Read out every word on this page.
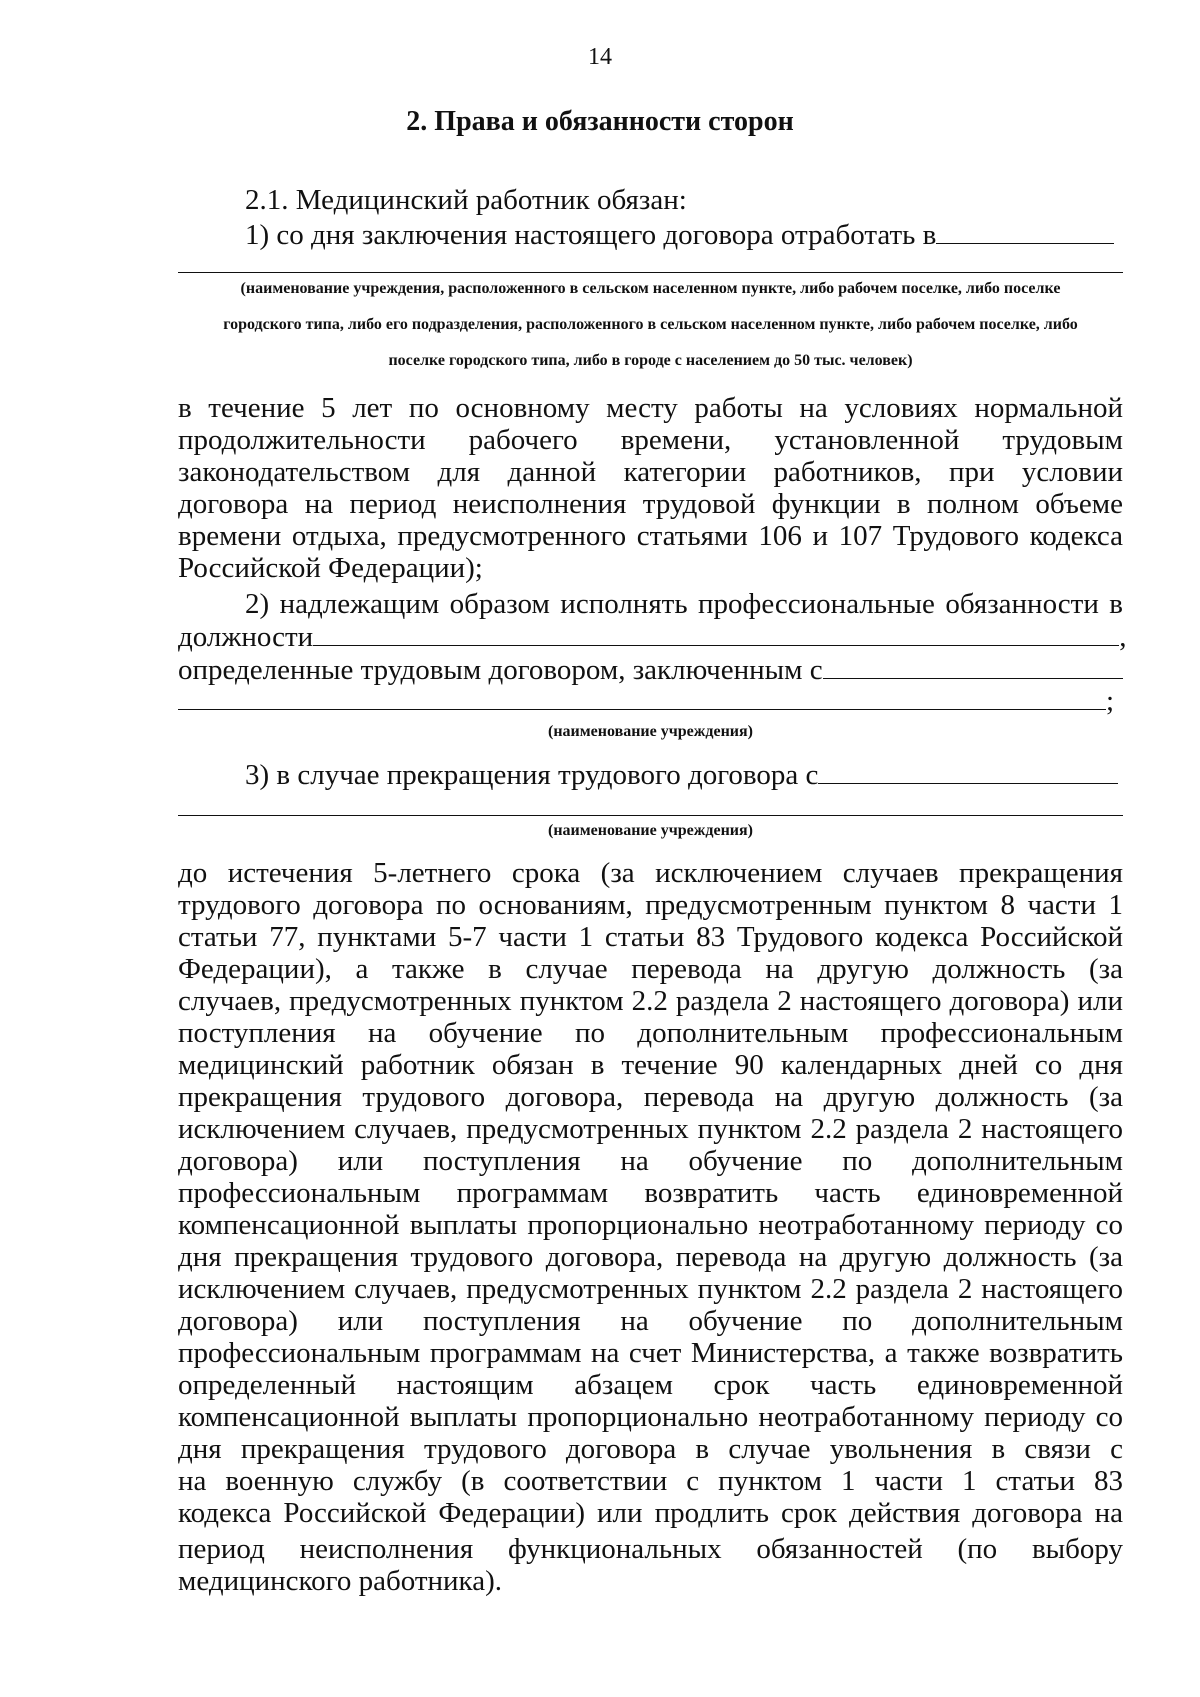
14
2. Права и обязанности сторон
2.1. Медицинский работник обязан:
1) со дня заключения настоящего договора отработать в
(наименование учреждения, расположенного в сельском населенном пункте, либо рабочем поселке, либо поселке
городского типа, либо его подразделения, расположенного в сельском населенном пункте, либо рабочем поселке, либо
поселке городского типа, либо в городе с населением до 50 тыс. человек)
в течение 5 лет по основному месту работы на условиях нормальной
продолжительности рабочего времени, установленной трудовым
законодательством для данной категории работников, при условии
договора на период неисполнения трудовой функции в полном объеме
времени отдыха, предусмотренного статьями 106 и 107 Трудового кодекса
Российской Федерации);
2) надлежащим образом исполнять профессиональные обязанности в
должности	,
определенные трудовым договором, заключенным с
;
(наименование учреждения)
3) в случае прекращения трудового договора с
(наименование учреждения)
до истечения 5-летнего срока (за исключением случаев прекращения
трудового договора по основаниям, предусмотренным пунктом 8 части 1
статьи 77, пунктами 5-7 части 1 статьи 83 Трудового кодекса Российской
Федерации), а также в случае перевода на другую должность (за
случаев, предусмотренных пунктом 2.2 раздела 2 настоящего договора) или
поступления на обучение по дополнительным профессиональным
медицинский работник обязан в течение 90 календарных дней со дня
прекращения трудового договора, перевода на другую должность (за
исключением случаев, предусмотренных пунктом 2.2 раздела 2 настоящего
договора) или поступления на обучение по дополнительным
профессиональным программам возвратить часть единовременной
компенсационной выплаты пропорционально неотработанному периоду со
дня прекращения трудового договора, перевода на другую должность (за
исключением случаев, предусмотренных пунктом 2.2 раздела 2 настоящего
договора) или поступления на обучение по дополнительным
профессиональным программам на счет Министерства, а также возвратить
определенный настоящим абзацем срок часть единовременной
компенсационной выплаты пропорционально неотработанному периоду со
дня прекращения трудового договора в случае увольнения в связи с
на военную службу (в соответствии с пунктом 1 части 1 статьи 83
кодекса Российской Федерации) или продлить срок действия договора на
период неисполнения функциональных обязанностей (по выбору
медицинского работника).
